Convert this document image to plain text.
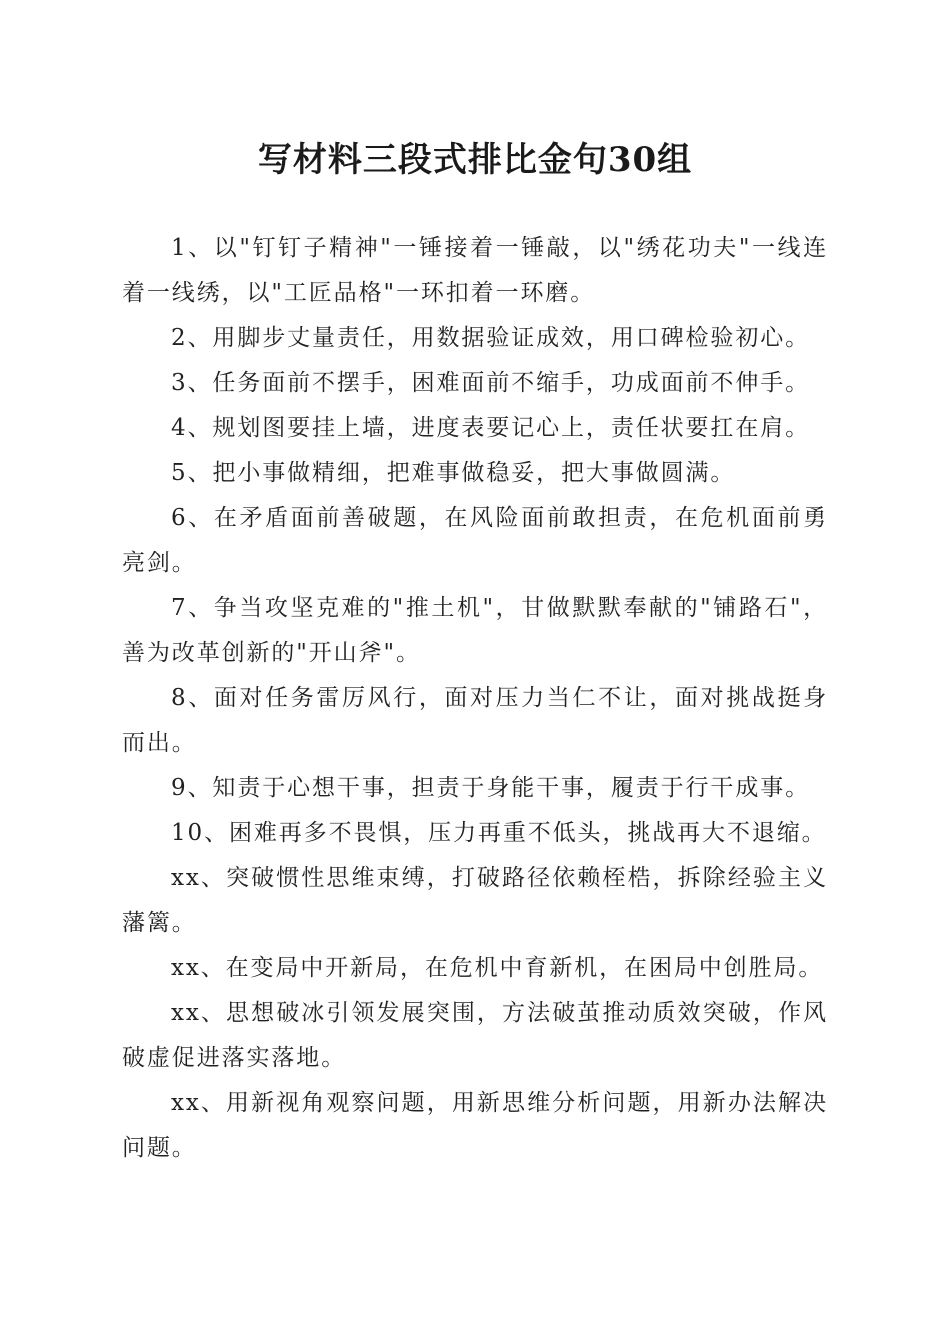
写材料三段式排比金句30组

1、以"钉钉子精神"一锤接着一锤敲，以"绣花功夫"一线连着一线绣，以"工匠品格"一环扣着一环磨。

2、用脚步丈量责任，用数据验证成效，用口碑检验初心。

3、任务面前不摆手，困难面前不缩手，功成面前不伸手。

4、规划图要挂上墙，进度表要记心上，责任状要扛在肩。

5、把小事做精细，把难事做稳妥，把大事做圆满。

6、在矛盾面前善破题，在风险面前敢担责，在危机面前勇亮剑。

7、争当攻坚克难的"推土机"，甘做默默奉献的"铺路石"，善为改革创新的"开山斧"。

8、面对任务雷厉风行，面对压力当仁不让，面对挑战挺身而出。

9、知责于心想干事，担责于身能干事，履责于行干成事。

10、困难再多不畏惧，压力再重不低头，挑战再大不退缩。

xx、突破惯性思维束缚，打破路径依赖桎梏，拆除经验主义藩篱。

xx、在变局中开新局，在危机中育新机，在困局中创胜局。

xx、思想破冰引领发展突围，方法破茧推动质效突破，作风破虚促进落实落地。

xx、用新视角观察问题，用新思维分析问题，用新办法解决问题。
